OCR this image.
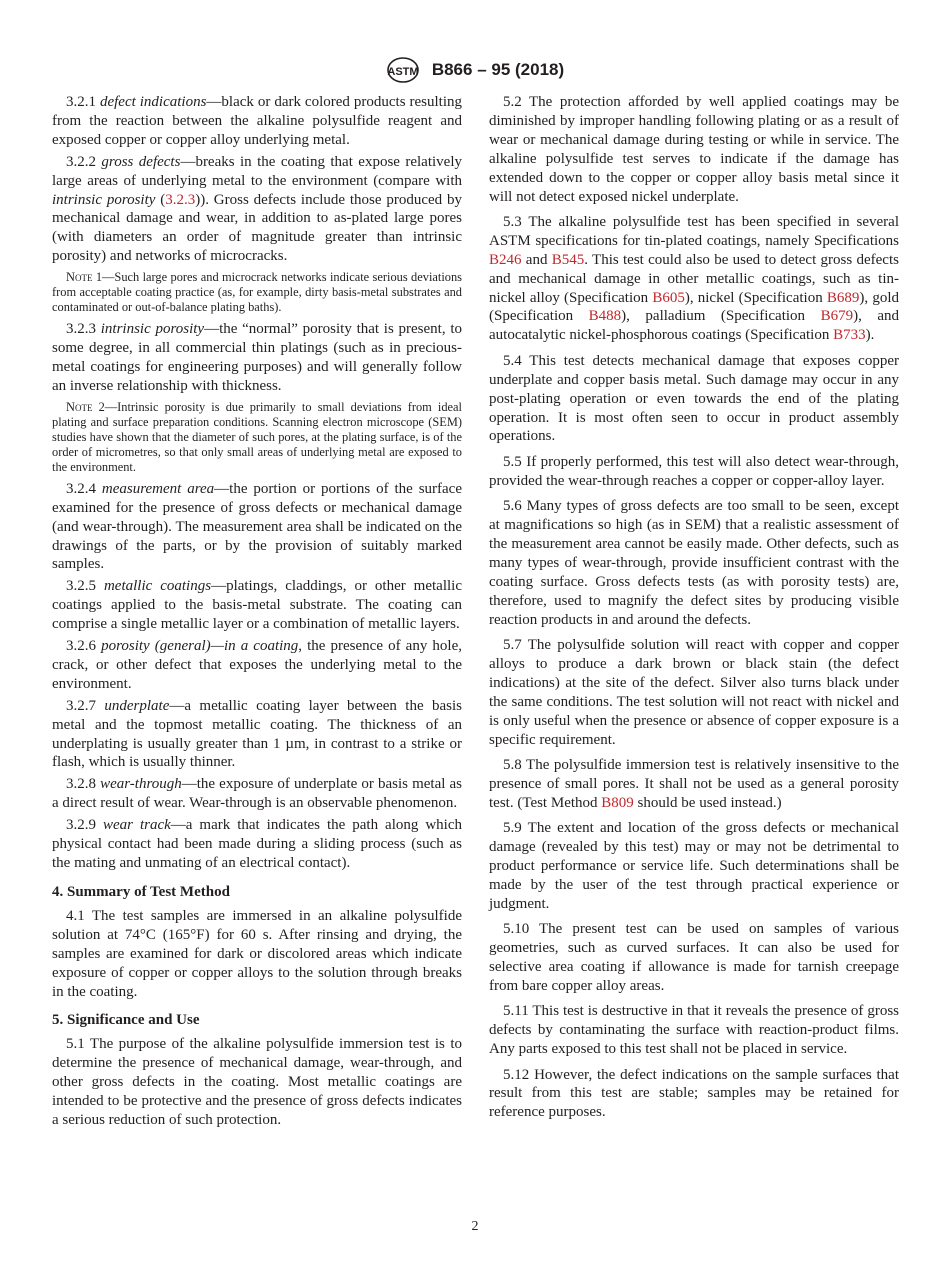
ASTM B866 – 95 (2018)
3.2.1 defect indications—black or dark colored products resulting from the reaction between the alkaline polysulfide reagent and exposed copper or copper alloy underlying metal.
3.2.2 gross defects—breaks in the coating that expose relatively large areas of underlying metal to the environment (compare with intrinsic porosity (3.2.3)). Gross defects include those produced by mechanical damage and wear, in addition to as-plated large pores (with diameters an order of magnitude greater than intrinsic porosity) and networks of microcracks.
Note 1—Such large pores and microcrack networks indicate serious deviations from acceptable coating practice (as, for example, dirty basis-metal substrates and contaminated or out-of-balance plating baths).
3.2.3 intrinsic porosity—the “normal” porosity that is present, to some degree, in all commercial thin platings (such as in precious-metal coatings for engineering purposes) and will generally follow an inverse relationship with thickness.
Note 2—Intrinsic porosity is due primarily to small deviations from ideal plating and surface preparation conditions. Scanning electron microscope (SEM) studies have shown that the diameter of such pores, at the plating surface, is of the order of micrometres, so that only small areas of underlying metal are exposed to the environment.
3.2.4 measurement area—the portion or portions of the surface examined for the presence of gross defects or mechanical damage (and wear-through). The measurement area shall be indicated on the drawings of the parts, or by the provision of suitably marked samples.
3.2.5 metallic coatings—platings, claddings, or other metallic coatings applied to the basis-metal substrate. The coating can comprise a single metallic layer or a combination of metallic layers.
3.2.6 porosity (general)—in a coating, the presence of any hole, crack, or other defect that exposes the underlying metal to the environment.
3.2.7 underplate—a metallic coating layer between the basis metal and the topmost metallic coating. The thickness of an underplating is usually greater than 1 µm, in contrast to a strike or flash, which is usually thinner.
3.2.8 wear-through—the exposure of underplate or basis metal as a direct result of wear. Wear-through is an observable phenomenon.
3.2.9 wear track—a mark that indicates the path along which physical contact had been made during a sliding process (such as the mating and unmating of an electrical contact).
4. Summary of Test Method
4.1 The test samples are immersed in an alkaline polysulfide solution at 74°C (165°F) for 60 s. After rinsing and drying, the samples are examined for dark or discolored areas which indicate exposure of copper or copper alloys to the solution through breaks in the coating.
5. Significance and Use
5.1 The purpose of the alkaline polysulfide immersion test is to determine the presence of mechanical damage, wear-through, and other gross defects in the coating. Most metallic coatings are intended to be protective and the presence of gross defects indicates a serious reduction of such protection.
5.2 The protection afforded by well applied coatings may be diminished by improper handling following plating or as a result of wear or mechanical damage during testing or while in service. The alkaline polysulfide test serves to indicate if the damage has extended down to the copper or copper alloy basis metal since it will not detect exposed nickel underplate.
5.3 The alkaline polysulfide test has been specified in several ASTM specifications for tin-plated coatings, namely Specifications B246 and B545. This test could also be used to detect gross defects and mechanical damage in other metallic coatings, such as tin-nickel alloy (Specification B605), nickel (Specification B689), gold (Specification B488), palladium (Specification B679), and autocatalytic nickel-phosphorous coatings (Specification B733).
5.4 This test detects mechanical damage that exposes copper underplate and copper basis metal. Such damage may occur in any post-plating operation or even towards the end of the plating operation. It is most often seen to occur in product assembly operations.
5.5 If properly performed, this test will also detect wear-through, provided the wear-through reaches a copper or copper-alloy layer.
5.6 Many types of gross defects are too small to be seen, except at magnifications so high (as in SEM) that a realistic assessment of the measurement area cannot be easily made. Other defects, such as many types of wear-through, provide insufficient contrast with the coating surface. Gross defects tests (as with porosity tests) are, therefore, used to magnify the defect sites by producing visible reaction products in and around the defects.
5.7 The polysulfide solution will react with copper and copper alloys to produce a dark brown or black stain (the defect indications) at the site of the defect. Silver also turns black under the same conditions. The test solution will not react with nickel and is only useful when the presence or absence of copper exposure is a specific requirement.
5.8 The polysulfide immersion test is relatively insensitive to the presence of small pores. It shall not be used as a general porosity test. (Test Method B809 should be used instead.)
5.9 The extent and location of the gross defects or mechanical damage (revealed by this test) may or may not be detrimental to product performance or service life. Such determinations shall be made by the user of the test through practical experience or judgment.
5.10 The present test can be used on samples of various geometries, such as curved surfaces. It can also be used for selective area coating if allowance is made for tarnish creepage from bare copper alloy areas.
5.11 This test is destructive in that it reveals the presence of gross defects by contaminating the surface with reaction-product films. Any parts exposed to this test shall not be placed in service.
5.12 However, the defect indications on the sample surfaces that result from this test are stable; samples may be retained for reference purposes.
2
